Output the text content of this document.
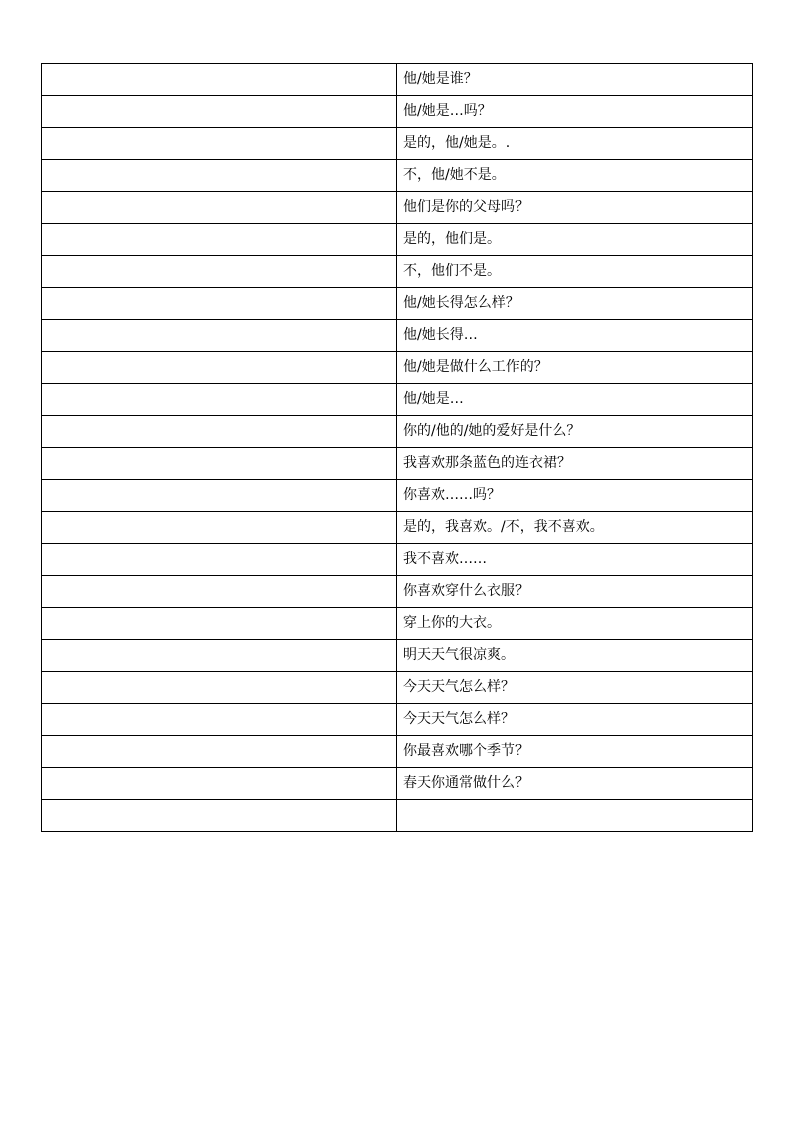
	他/她是谁？
	他/她是…吗？
	是的，他/她是。.
	不，他/她不是。
	他们是你的父母吗？
	是的，他们是。
	不，他们不是。
	他/她长得怎么样？
	他/她长得…
	他/她是做什么工作的？
	他/她是…
	你的/他的/她的爱好是什么？
	我喜欢那条蓝色的连衣裙？
	你喜欢……吗？
	是的，我喜欢。/不，我不喜欢。
	我不喜欢……
	你喜欢穿什么衣服？
	穿上你的大衣。
	明天天气很凉爽。
	今天天气怎么样？
	今天天气怎么样？
	你最喜欢哪个季节？
	春天你通常做什么？
